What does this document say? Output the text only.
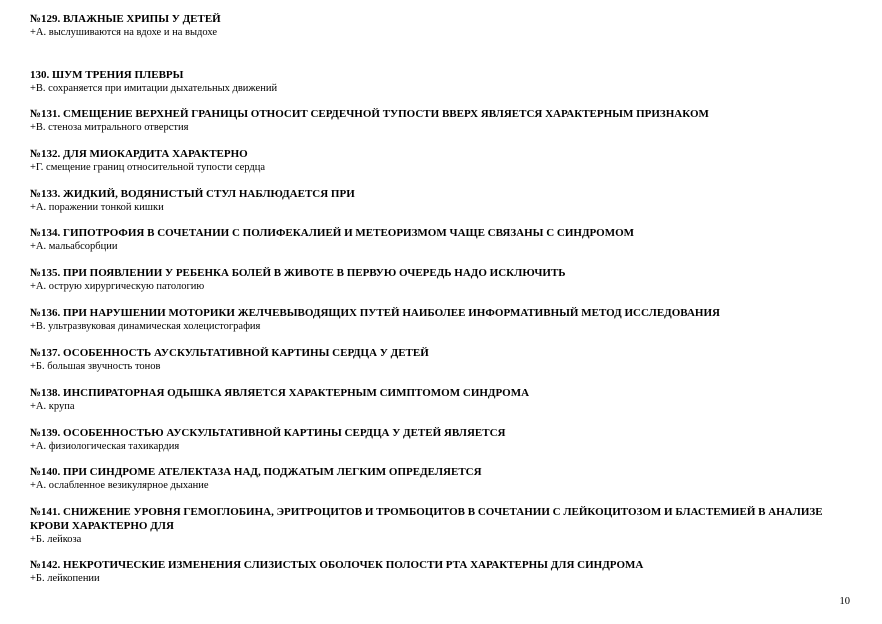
№129. ВЛАЖНЫЕ ХРИПЫ У ДЕТЕЙ

+А. выслушиваются на вдохе и на выдохе

130. ШУМ ТРЕНИЯ ПЛЕВРЫ

+В. сохраняется при имитации дыхательных движений

№131. СМЕЩЕНИЕ ВЕРХНЕЙ ГРАНИЦЫ ОТНОСИТ СЕРДЕЧНОЙ ТУПОСТИ ВВЕРХ ЯВЛЯЕТСЯ ХАРАКТЕРНЫМ ПРИЗНАКОМ

+В. стеноза митрального отверстия

№132. ДЛЯ МИОКАРДИТА ХАРАКТЕРНО

+Г. смещение границ относительной тупости сердца

№133. ЖИДКИЙ, ВОДЯНИСТЫЙ СТУЛ НАБЛЮДАЕТСЯ ПРИ

+А. поражении тонкой кишки

№134. ГИПОТРОФИЯ В СОЧЕТАНИИ С ПОЛИФЕКАЛИЕЙ И МЕТЕОРИЗМОМ ЧАЩЕ СВЯЗАНЫ С СИНДРОМОМ

+А. мальабсорбции

№135. ПРИ ПОЯВЛЕНИИ У РЕБЕНКА БОЛЕЙ В ЖИВОТЕ В ПЕРВУЮ ОЧЕРЕДЬ НАДО ИСКЛЮЧИТЬ

+А. острую хирургическую патологию

№136. ПРИ НАРУШЕНИИ МОТОРИКИ ЖЕЛЧЕВЫВОДЯЩИХ ПУТЕЙ НАИБОЛЕЕ ИНФОРМАТИВНЫЙ МЕТОД ИССЛЕДОВАНИЯ

+В. ультразвуковая динамическая холецистография

№137. ОСОБЕННОСТЬ АУСКУЛЬТАТИВНОЙ КАРТИНЫ СЕРДЦА У ДЕТЕЙ

+Б. большая звучность тонов

№138. ИНСПИРАТОРНАЯ ОДЫШКА ЯВЛЯЕТСЯ ХАРАКТЕРНЫМ СИМПТОМОМ СИНДРОМА

+А. крупа

№139. ОСОБЕННОСТЬЮ АУСКУЛЬТАТИВНОЙ КАРТИНЫ СЕРДЦА У ДЕТЕЙ ЯВЛЯЕТСЯ

+А. физиологическая тахикардия

№140. ПРИ СИНДРОМЕ АТЕЛЕКТАЗА НАД, ПОДЖАТЫМ ЛЕГКИМ ОПРЕДЕЛЯЕТСЯ

+А. ослабленное везикулярное дыхание

№141. СНИЖЕНИЕ УРОВНЯ ГЕМОГЛОБИНА, ЭРИТРОЦИТОВ И ТРОМБОЦИТОВ В СОЧЕТАНИИ С ЛЕЙКОЦИТОЗОМ И БЛАСТЕМИЕЙ В АНАЛИЗЕ КРОВИ ХАРАКТЕРНО ДЛЯ

+Б. лейкоза

№142. НЕКРОТИЧЕСКИЕ ИЗМЕНЕНИЯ СЛИЗИСТЫХ ОБОЛОЧЕК ПОЛОСТИ РТА ХАРАКТЕРНЫ ДЛЯ СИНДРОМА

+Б. лейкопении

10
